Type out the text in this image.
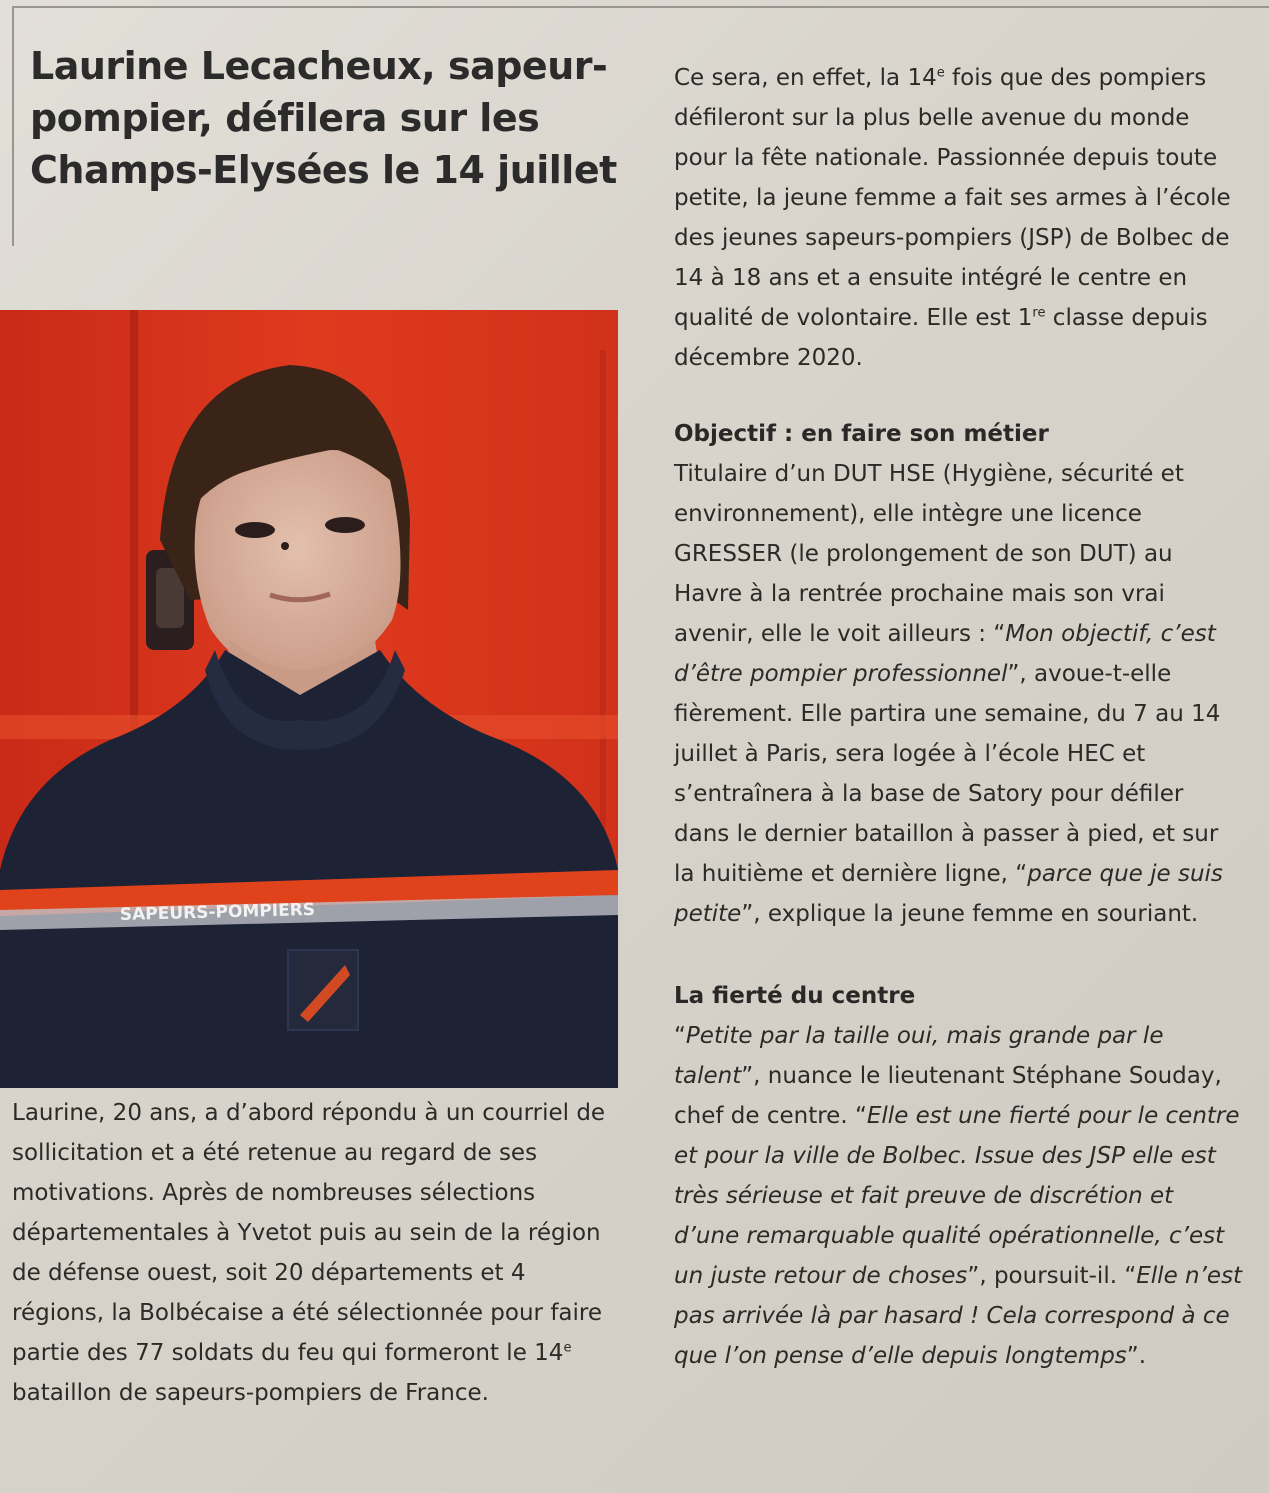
Laurine Lecacheux, sapeur-pompier, défilera sur les Champs-Elysées le 14 juillet
SAPEURS-POMPIERS

Laurine, 20 ans, a d’abord répondu à un courriel de sollicitation et a été retenue au regard de ses motivations. Après de nombreuses sélections départementales à Yvetot puis au sein de la région de défense ouest, soit 20 départements et 4 régions, la Bolbécaise a été sélectionnée pour faire partie des 77 soldats du feu qui formeront le 14e bataillon de sapeurs-pompiers de France.

Ce sera, en effet, la 14e fois que des pompiers défileront sur la plus belle avenue du monde pour la fête nationale. Passionnée depuis toute petite, la jeune femme a fait ses armes à l’école des jeunes sapeurs-pompiers (JSP) de Bolbec de 14 à 18 ans et a ensuite intégré le centre en qualité de volontaire. Elle est 1re classe depuis décembre 2020.

Objectif : en faire son métier

Titulaire d’un DUT HSE (Hygiène, sécurité et environnement), elle intègre une licence GRESSER (le prolongement de son DUT) au Havre à la rentrée prochaine mais son vrai avenir, elle le voit ailleurs : “Mon objectif, c’est d’être pompier professionnel”, avoue-t-elle fièrement. Elle partira une semaine, du 7 au 14 juillet à Paris, sera logée à l’école HEC et s’entraînera à la base de Satory pour défiler dans le dernier bataillon à passer à pied, et sur la huitième et dernière ligne, “parce que je suis petite”, explique la jeune femme en souriant.

La fierté du centre

“Petite par la taille oui, mais grande par le talent”, nuance le lieutenant Stéphane Souday, chef de centre. “Elle est une fierté pour le centre et pour la ville de Bolbec. Issue des JSP elle est très sérieuse et fait preuve de discrétion et d’une remarquable qualité opérationnelle, c’est un juste retour de choses”, poursuit-il. “Elle n’est pas arrivée là par hasard ! Cela correspond à ce que l’on pense d’elle depuis longtemps”.
